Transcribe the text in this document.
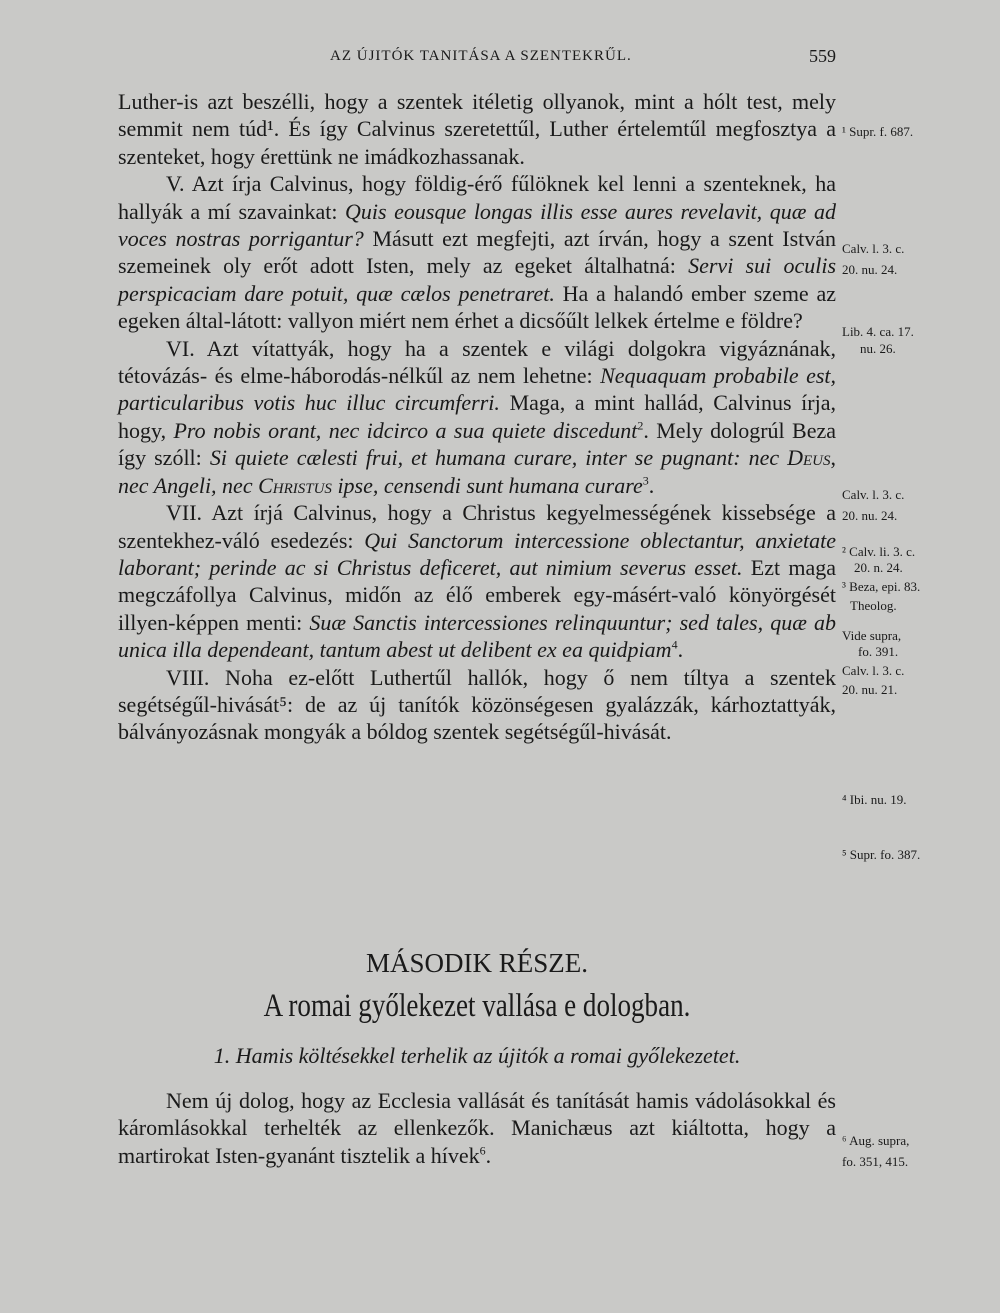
AZ ÚJITÓK TANITÁSA A SZENTEKRŰL.	559

Luther-is azt beszélli, hogy a szentek itéletig ollyanok, mint a hólt test, mely semmit nem túd¹. És így Calvinus szeretettűl, Luther értelemtűl megfosztya a szenteket, hogy érettünk ne imádkozhassanak.

V. Azt írja Calvinus, hogy földig-érő fűlöknek kel lenni a szenteknek, ha hallyák a mí szavainkat: Quis eousque longas illis esse aures revelavit, quæ ad voces nostras porrigantur? Másutt ezt megfejti, azt írván, hogy a szent István szemeinek oly erőt adott Isten, mely az egeket általhatná: Servi sui oculis perspicaciam dare potuit, quæ cælos penetraret. Ha a halandó ember szeme az egeken által-látott: vallyon miért nem érhet a dicsőűlt lelkek értelme e földre?

VI. Azt vítattyák, hogy ha a szentek e világi dolgokra vigyáznának, tétovázás- és elme-háborodás-nélkűl az nem lehetne: Nequaquam probabile est, particularibus votis huc illuc circumferri. Maga, a mint hallád, Calvinus írja, hogy, Pro nobis orant, nec idcirco a sua quiete discedunt$^2$. Mely dologrúl Beza így szóll: Si quiete cælesti frui, et humana curare, inter se pugnant: nec Deus, nec Angeli, nec Christus ipse, censendi sunt humana curare$^3$.

VII. Azt írjá Calvinus, hogy a Christus kegyelmességének kissebsége a szentekhez-váló esedezés: Qui Sanctorum intercessione oblectantur, anxietate laborant; perinde ac si Christus deficeret, aut nimium severus esset. Ezt maga megczáfollya Calvinus, midőn az élő emberek egy-másért-való könyörgését illyen-képpen menti: Suæ Sanctis intercessiones relinquuntur; sed tales, quæ ab unica illa dependeant, tantum abest ut delibent ex ea quidpiam$^4$.

VIII. Noha ez-előtt Luthertűl hallók, hogy ő nem tíltya a szentek segétségűl-hivását⁵: de az új tanítók közönségesen gyalázzák, kárhoztattyák, bálványozásnak mongyák a bóldog szentek segétségűl-hivását.

¹ Supr. f. 687.
Calv. l. 3. c.
20. nu. 24.
Lib. 4. ca. 17.
nu. 26.
Calv. l. 3. c.
20. nu. 24.
² Calv. li. 3. c.
20. n. 24.
³ Beza, epi. 83.
Theolog.
Vide supra,
fo. 391.
Calv. l. 3. c.
20. nu. 21.
⁴ Ibi. nu. 19.
⁵ Supr. fo. 387.
⁶ Aug. supra,
fo. 351, 415.
MÁSODIK RÉSZE.
A romai győlekezet vallása e dologban.
1. Hamis költésekkel terhelik az újitók a romai győlekezetet.

Nem új dolog, hogy az Ecclesia vallását és tanítását hamis vádolásokkal és káromlásokkal terhelték az ellenkezők. Manichæus azt kiáltotta, hogy a martirokat Isten-gyanánt tisztelik a hívek$^6$.
